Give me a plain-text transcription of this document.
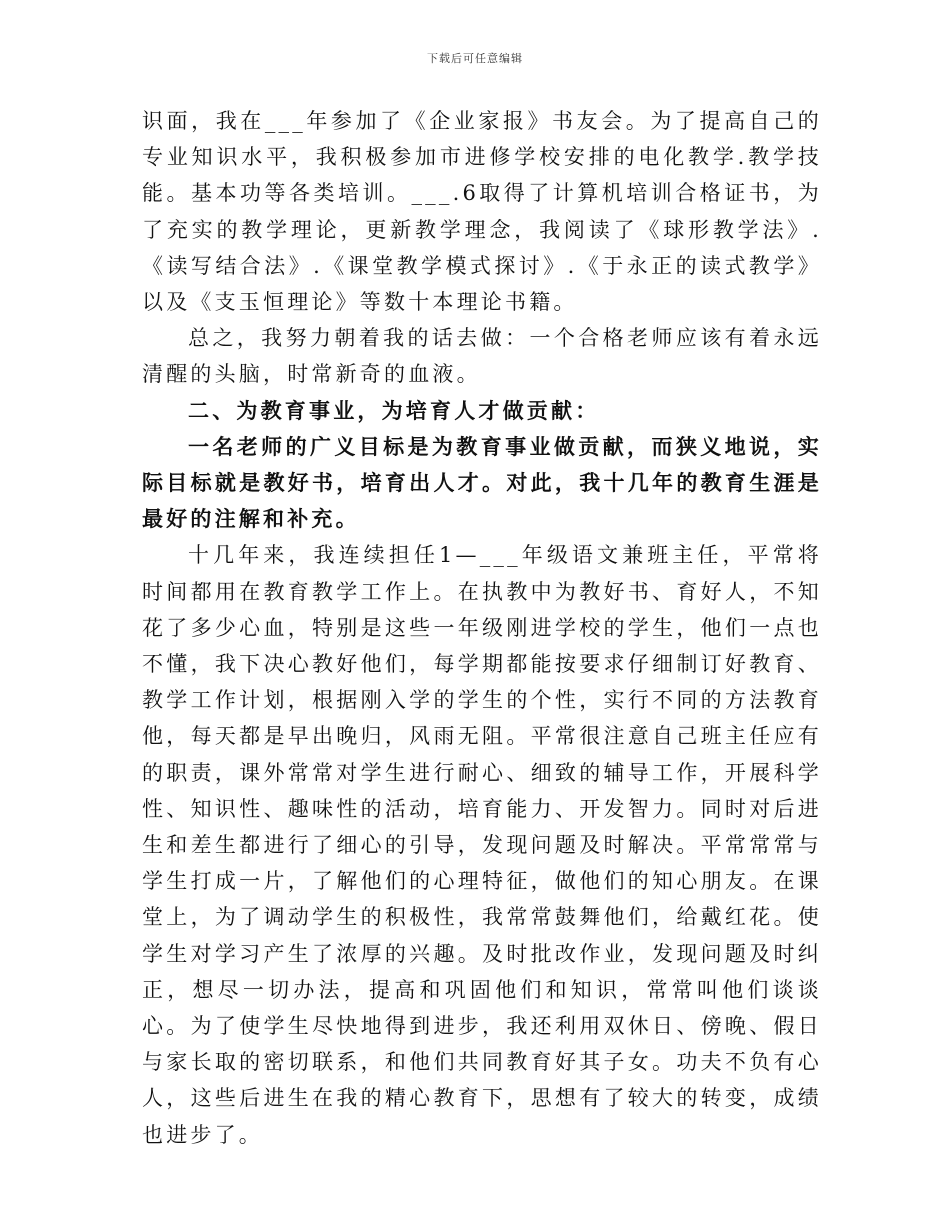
下载后可任意编辑

识面，我在___年参加了《企业家报》书友会。为了提高自己的专业知识水平，我积极参加市进修学校安排的电化教学.教学技能。基本功等各类培训。___.6取得了计算机培训合格证书，为了充实的教学理论，更新教学理念，我阅读了《球形教学法》.《读写结合法》.《课堂教学模式探讨》.《于永正的读式教学》以及《支玉恒理论》等数十本理论书籍。

总之，我努力朝着我的话去做：一个合格老师应该有着永远清醒的头脑，时常新奇的血液。

二、为教育事业，为培育人才做贡献：

一名老师的广义目标是为教育事业做贡献，而狭义地说，实际目标就是教好书，培育出人才。对此，我十几年的教育生涯是最好的注解和补充。

十几年来，我连续担任1—___年级语文兼班主任，平常将时间都用在教育教学工作上。在执教中为教好书、育好人，不知花了多少心血，特别是这些一年级刚进学校的学生，他们一点也不懂，我下决心教好他们，每学期都能按要求仔细制订好教育、教学工作计划，根据刚入学的学生的个性，实行不同的方法教育他，每天都是早出晚归，风雨无阻。平常很注意自己班主任应有的职责，课外常常对学生进行耐心、细致的辅导工作，开展科学性、知识性、趣味性的活动，培育能力、开发智力。同时对后进生和差生都进行了细心的引导，发现问题及时解决。平常常常与学生打成一片，了解他们的心理特征，做他们的知心朋友。在课堂上，为了调动学生的积极性，我常常鼓舞他们，给戴红花。使学生对学习产生了浓厚的兴趣。及时批改作业，发现问题及时纠正，想尽一切办法，提高和巩固他们和知识，常常叫他们谈谈心。为了使学生尽快地得到进步，我还利用双休日、傍晚、假日与家长取的密切联系，和他们共同教育好其子女。功夫不负有心人，这些后进生在我的精心教育下，思想有了较大的转变，成绩也进步了。
